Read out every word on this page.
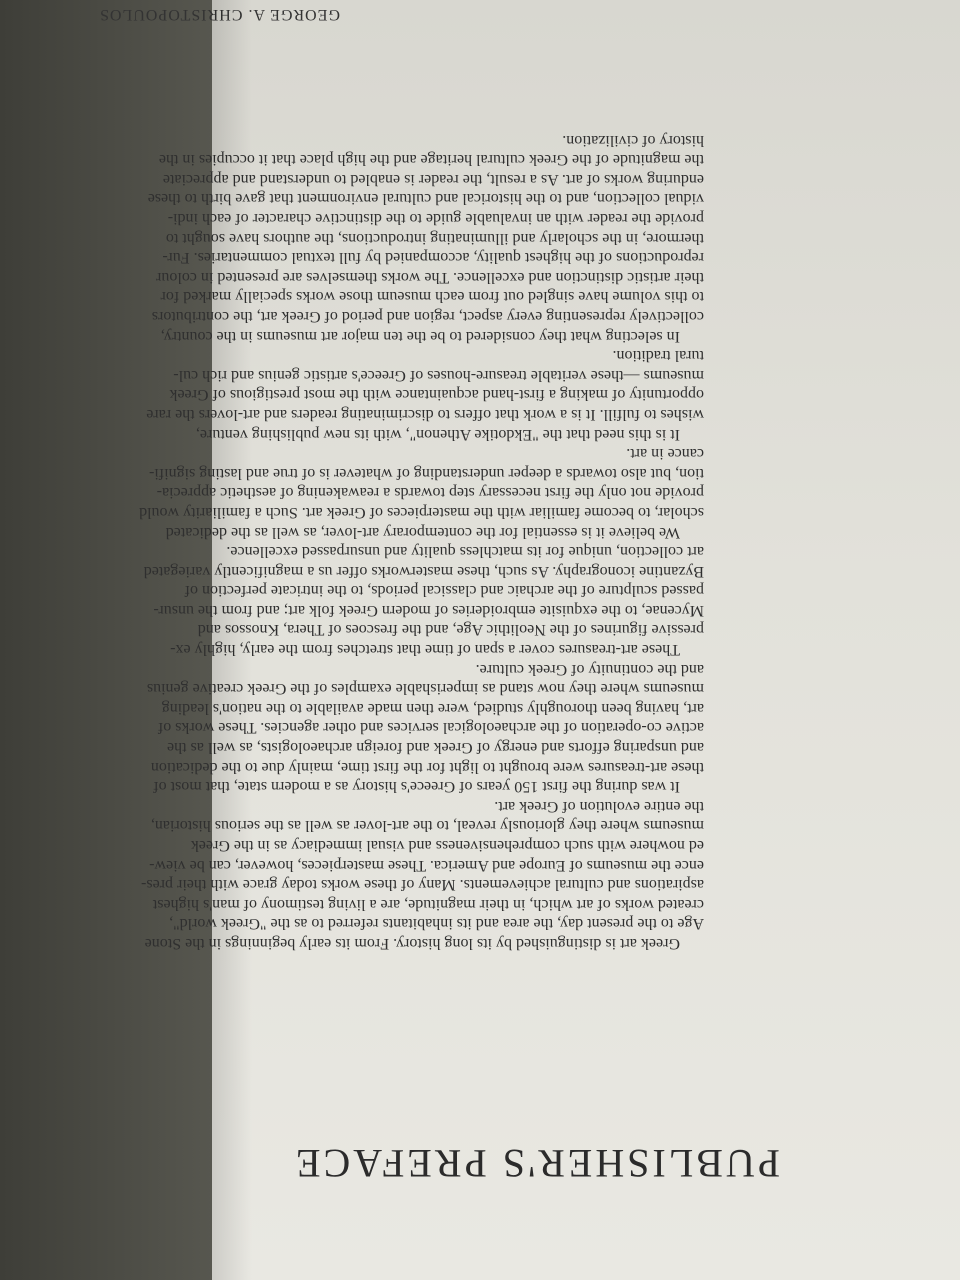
PUBLISHER'S PREFACE
Greek art is distinguished by its long history. From its early beginnings in the Stone
Age to the present day, the area and its inhabitants referred to as the "Greek world",
created works of art which, in their magnitude, are a living testimony of man's highest
aspirations and cultural achievements. Many of these works today grace with their pres-
ence the museums of Europe and America. These masterpieces, however, can be view-
ed nowhere with such comprehensiveness and visual immediacy as in the Greek
museums where they gloriously reveal, to the art-lover as well as the serious historian,
the entire evolution of Greek art.
It was during the first 150 years of Greece's history as a modern state, that most of
these art-treasures were brought to light for the first time, mainly due to the dedication
and unsparing efforts and energy of Greek and foreign archaeologists, as well as the
active co-operation of the archaeological services and other agencies. These works of
art, having been thoroughly studied, were then made available to the nation's leading
museums where they now stand as imperishable examples of the Greek creative genius
and the continuity of Greek culture.
These art-treasures cover a span of time that stretches from the early, highly ex-
pressive figurines of the Neolithic Age, and the frescoes of Thera, Knossos and
Mycenae, to the exquisite embroideries of modern Greek folk art; and from the unsur-
passed sculpture of the archaic and classical periods, to the intricate perfection of
Byzantine iconography. As such, these masterworks offer us a magnificently variegated
art collection, unique for its matchless quality and unsurpassed excellence.
We believe it is essential for the contemporary art-lover, as well as the dedicated
scholar, to become familiar with the masterpieces of Greek art. Such a familiarity would
provide not only the first necessary step towards a reawakening of aesthetic apprecia-
tion, but also towards a deeper understanding of whatever is of true and lasting signifi-
cance in art.
It is this need that the "Ekdotike Athenon", with its new publishing venture,
wishes to fulfill. It is a work that offers to discriminating readers and art-lovers the rare
opportunity of making a first-hand acquaintance with the most prestigious of Greek
museums —these veritable treasure-houses of Greece's artistic genius and rich cul-
tural tradition.
In selecting what they considered to be the ten major art museums in the country,
collectively representing every aspect, region and period of Greek art, the contributors
to this volume have singled out from each museum those works specially marked for
their artistic distinction and excellence. The works themselves are presented in colour
reproductions of the highest quality, accompanied by full textual commentaries. Fur-
thermore, in the scholarly and illuminating introductions, the authors have sought to
provide the reader with an invaluable guide to the distinctive character of each indi-
vidual collection, and to the historical and cultural environment that gave birth to these
enduring works of art. As a result, the reader is enabled to understand and appreciate
the magnitude of the Greek cultural heritage and the high place that it occupies in the
history of civilization.

GEORGE A. CHRISTOPOULOS
